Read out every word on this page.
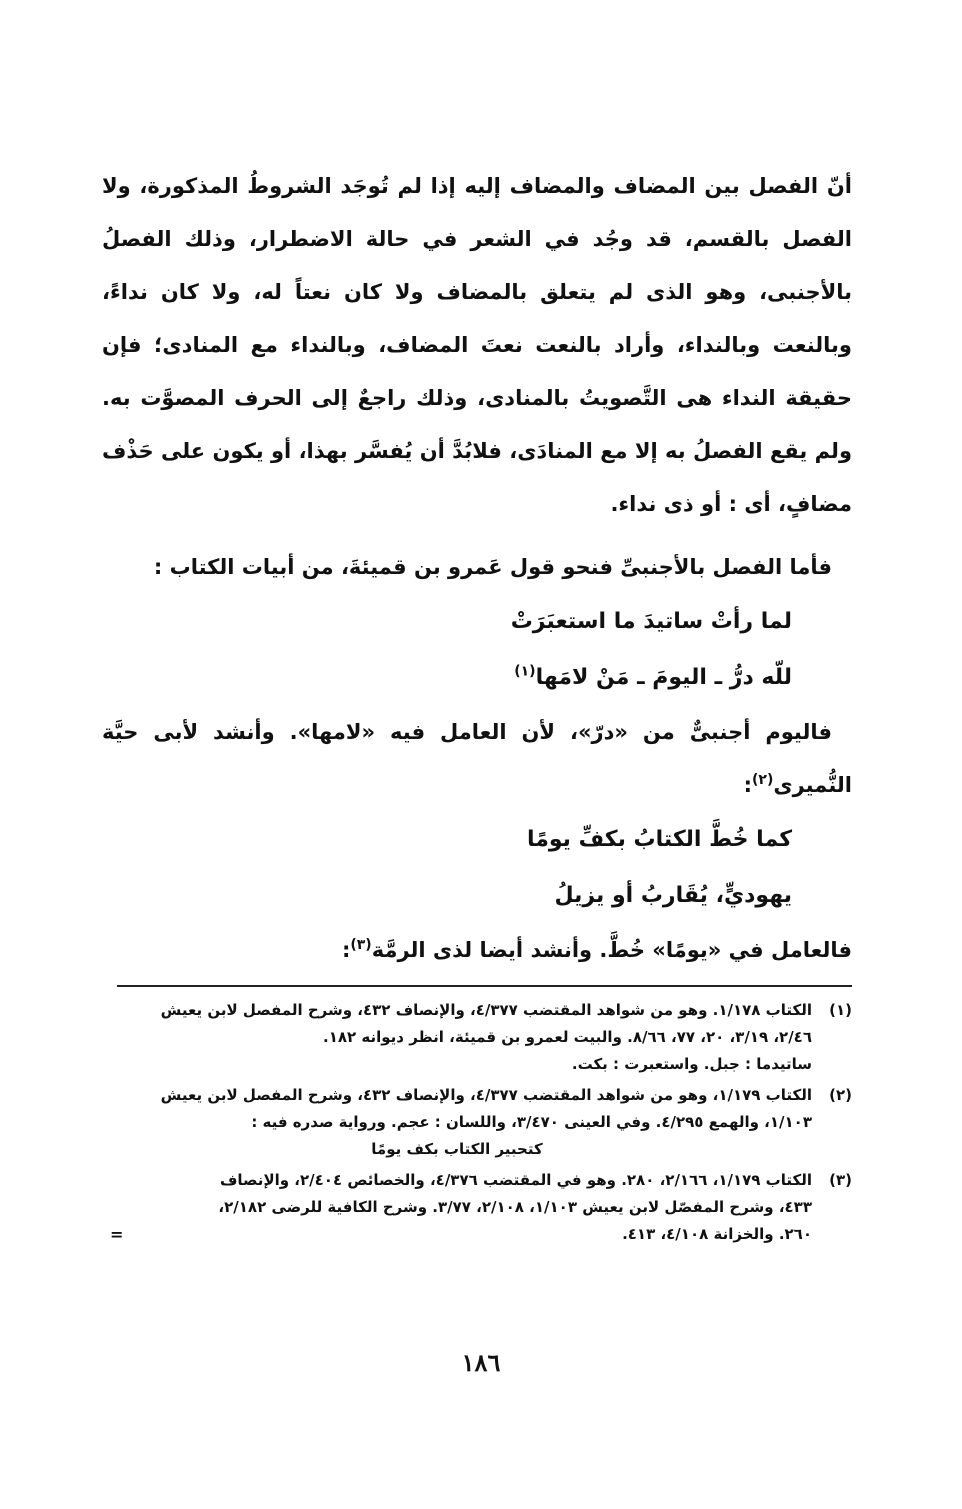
أنّ الفصل بين المضاف والمضاف إليه إذا لم تُوجَد الشروطُ المذكورة، ولا الفصل بالقسم، قد وجُد في الشعر في حالة الاضطرار، وذلك الفصلُ بالأجنبى، وهو الذى لم يتعلق بالمضاف ولا كان نعتاً له، ولا كان نداءً، وبالنعت وبالنداء، وأراد بالنعت نعتَ المضاف، وبالنداء مع المنادى؛ فإن حقيقة النداء هى التَّصويتُ بالمنادى، وذلك راجعٌ إلى الحرف المصوَّت به. ولم يقع الفصلُ به إلا مع المنادَى، فلابُدَّ أن يُفسَّر بهذا، أو يكون على حَذْف مضافٍ، أى : أو ذى نداء.

فأما الفصل بالأجنبىِّ فنحو قول عَمرو بن قميئةَ، من أبيات الكتاب :

لما رأتْ ساتيدَ ما استعبَرَتْ

للّه درُّ ـ اليومَ ـ مَنْ لامَها$^{(١)}$

فاليوم أجنبىٌّ من «درّ»، لأن العامل فيه «لامها». وأنشد لأبى حيَّة النُّميرى$^{(٢)}$:

كما خُطَّ الكتابُ بكفِّ يومًا

يهوديٍّ، يُقَاربُ أو يزيلُ

فالعامل في «يومًا» خُطَّ. وأنشد أيضا لذى الرمَّة$^{(٣)}$:

(١)
الكتاب ١/١٧٨. وهو من شواهد المقتضب ٤/٣٧٧، والإنصاف ٤٣٢، وشرح المفصل لابن يعيش
٢/٤٦، ٣/١٩، ٢٠، ٧٧، ٨/٦٦. والبيت لعمرو بن قميئة، انظر ديوانه ١٨٢.
ساتيدما : جبل. واستعبرت : بكت.
(٢)
الكتاب ١/١٧٩، وهو من شواهد المقتضب ٤/٣٧٧، والإنصاف ٤٣٢، وشرح المفصل لابن يعيش
١/١٠٣، والهمع ٤/٢٩٥. وفي العينى ٣/٤٧٠، واللسان : عجم. ورواية صدره فيه :
كتحبير الكتاب بكف يومًا
(٣)
الكتاب ١/١٧٩، ٢/١٦٦، ٢٨٠. وهو في المقتضب ٤/٣٧٦، والخصائص ٢/٤٠٤، والإنصاف
٤٣٣، وشرح المفصّل لابن يعيش ١/١٠٣، ٢/١٠٨، ٣/٧٧. وشرح الكافية للرضى ٢/١٨٢،
٢٦٠. والخزانة ٤/١٠٨، ٤١٣.
=
١٨٦
